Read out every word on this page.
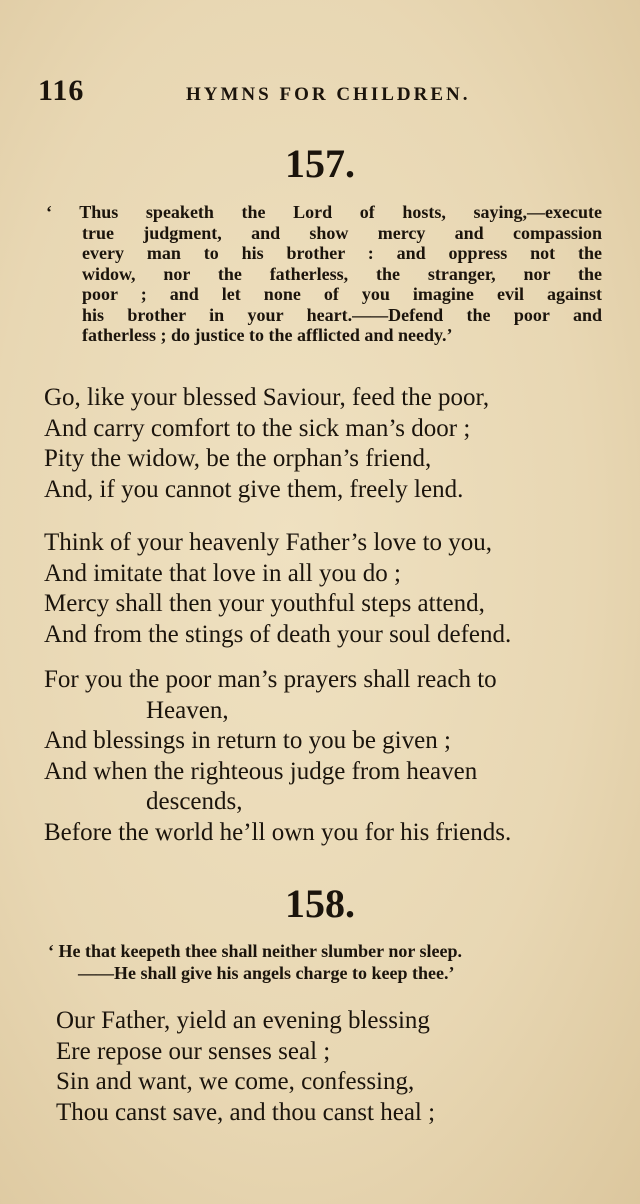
116	HYMNS FOR CHILDREN.
157.
‘ Thus speaketh the Lord of hosts, saying,—execute
true judgment, and show mercy and compassion
every man to his brother : and oppress not the
widow, nor the fatherless, the stranger, nor the
poor ; and let none of you imagine evil against
his brother in your heart.——Defend the poor and
fatherless ; do justice to the afflicted and needy.’
Go, like your blessed Saviour, feed the poor,
And carry comfort to the sick man’s door ;
Pity the widow, be the orphan’s friend,
And, if you cannot give them, freely lend.
Think of your heavenly Father’s love to you,
And imitate that love in all you do ;
Mercy shall then your youthful steps attend,
And from the stings of death your soul defend.
For you the poor man’s prayers shall reach to
Heaven,
And blessings in return to you be given ;
And when the righteous judge from heaven
descends,
Before the world he’ll own you for his friends.
158.
‘ He that keepeth thee shall neither slumber nor sleep.
——He shall give his angels charge to keep thee.’
Our Father, yield an evening blessing
Ere repose our senses seal ;
Sin and want, we come, confessing,
Thou canst save, and thou canst heal ;
